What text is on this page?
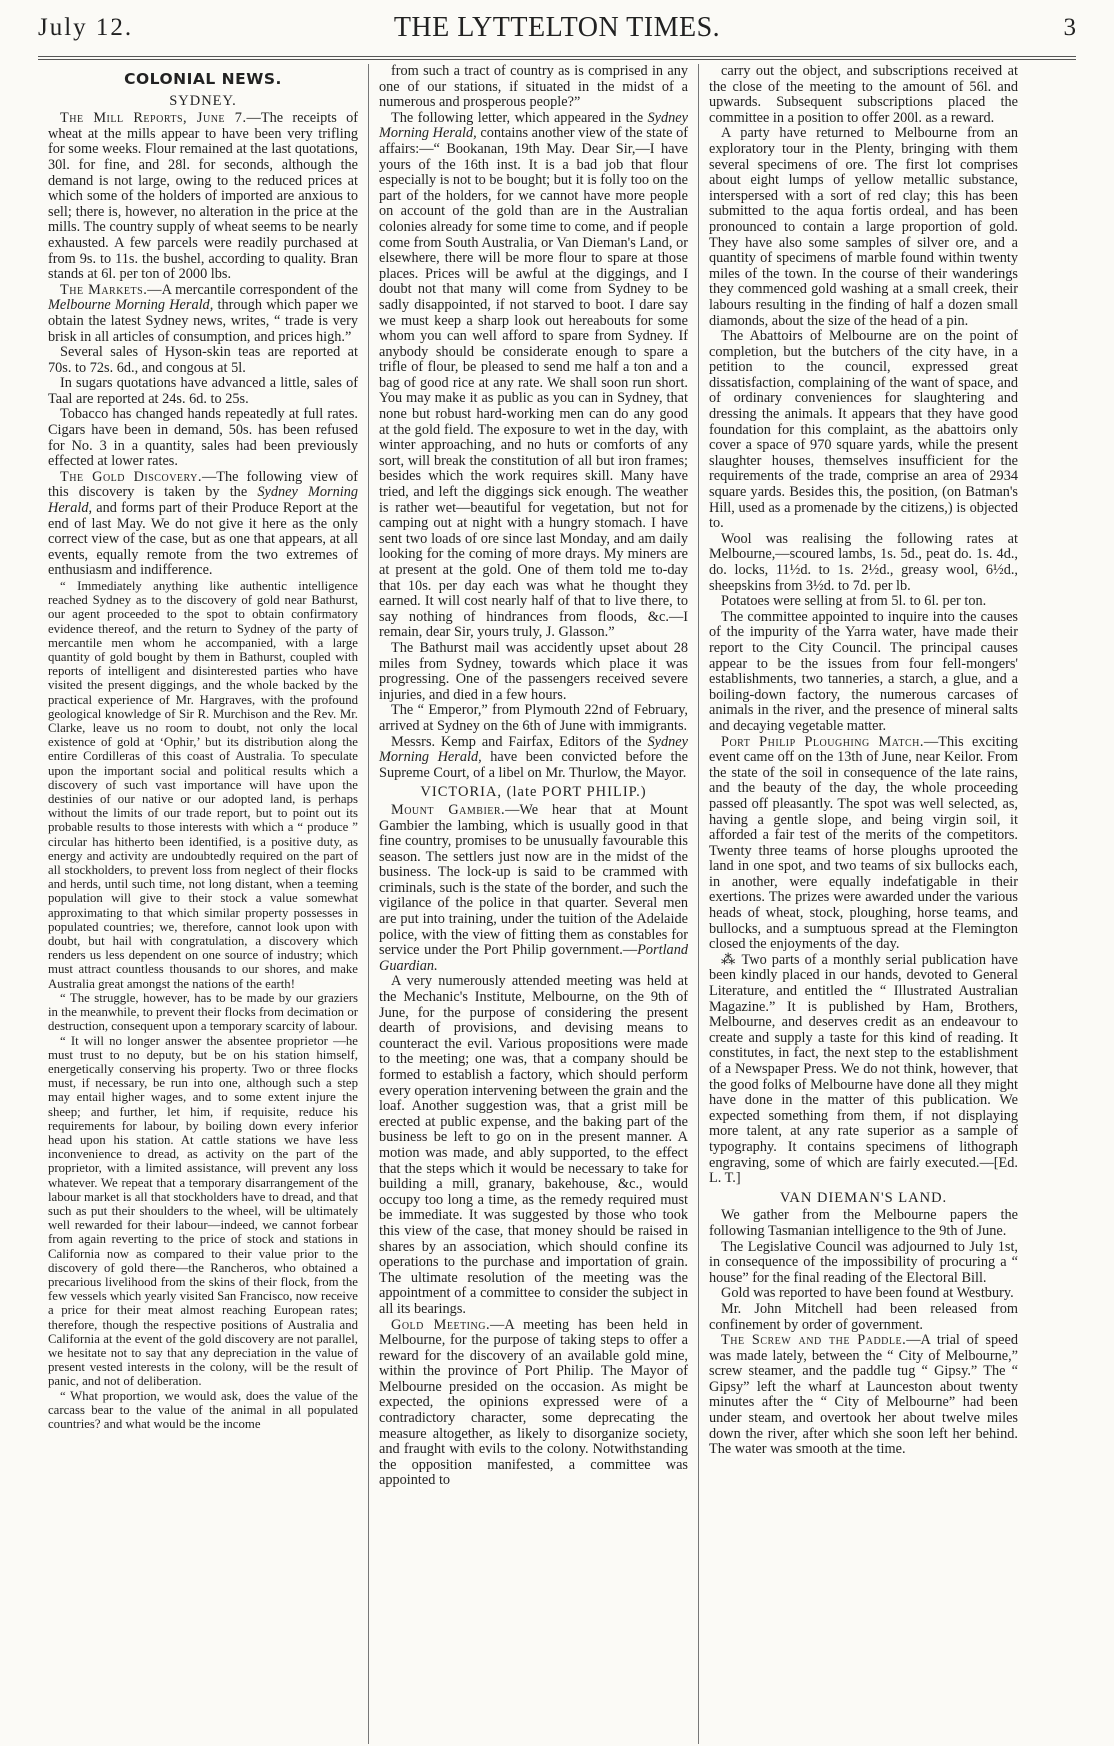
July 12.	THE LYTTELTON TIMES.	3
COLONIAL NEWS.
SYDNEY.

The Mill Reports, June 7.—The receipts of wheat at the mills appear to have been very trifling for some weeks. Flour remained at the last quotations, 30l. for fine, and 28l. for seconds, although the demand is not large, owing to the reduced prices at which some of the holders of imported are anxious to sell; there is, however, no alteration in the price at the mills. The country supply of wheat seems to be nearly exhausted. A few parcels were readily purchased at from 9s. to 11s. the bushel, according to quality. Bran stands at 6l. per ton of 2000 lbs.

The Markets.—A mercantile correspondent of the Melbourne Morning Herald, through which paper we obtain the latest Sydney news, writes, “ trade is very brisk in all articles of consumption, and prices high.”

Several sales of Hyson-skin teas are reported at 70s. to 72s. 6d., and congous at 5l.

In sugars quotations have advanced a little, sales of Taal are reported at 24s. 6d. to 25s.

Tobacco has changed hands repeatedly at full rates. Cigars have been in demand, 50s. has been refused for No. 3 in a quantity, sales had been previously effected at lower rates.

The Gold Discovery.—The following view of this discovery is taken by the Sydney Morning Herald, and forms part of their Produce Report at the end of last May. We do not give it here as the only correct view of the case, but as one that appears, at all events, equally remote from the two extremes of enthusiasm and indifference.

“ Immediately anything like authentic intelligence reached Sydney as to the discovery of gold near Bathurst, our agent proceeded to the spot to obtain confirmatory evidence thereof, and the return to Sydney of the party of mercantile men whom he accompanied, with a large quantity of gold bought by them in Bathurst, coupled with reports of intelligent and disinterested parties who have visited the present diggings, and the whole backed by the practical experience of Mr. Hargraves, with the profound geological knowledge of Sir R. Murchison and the Rev. Mr. Clarke, leave us no room to doubt, not only the local existence of gold at ‘Ophir,’ but its distribution along the entire Cordilleras of this coast of Australia. To speculate upon the important social and political results which a discovery of such vast importance will have upon the destinies of our native or our adopted land, is perhaps without the limits of our trade report, but to point out its probable results to those interests with which a “ produce ” circular has hitherto been identified, is a positive duty, as energy and activity are undoubtedly required on the part of all stockholders, to prevent loss from neglect of their flocks and herds, until such time, not long distant, when a teeming population will give to their stock a value somewhat approximating to that which similar property possesses in populated countries; we, therefore, cannot look upon with doubt, but hail with congratulation, a discovery which renders us less dependent on one source of industry; which must attract countless thousands to our shores, and make Australia great amongst the nations of the earth!

“ The struggle, however, has to be made by our graziers in the meanwhile, to prevent their flocks from decimation or destruction, consequent upon a temporary scarcity of labour.

“ It will no longer answer the absentee proprietor —he must trust to no deputy, but be on his station himself, energetically conserving his property. Two or three flocks must, if necessary, be run into one, although such a step may entail higher wages, and to some extent injure the sheep; and further, let him, if requisite, reduce his requirements for labour, by boiling down every inferior head upon his station. At cattle stations we have less inconvenience to dread, as activity on the part of the proprietor, with a limited assistance, will prevent any loss whatever. We repeat that a temporary disarrangement of the labour market is all that stockholders have to dread, and that such as put their shoulders to the wheel, will be ultimately well rewarded for their labour—indeed, we cannot forbear from again reverting to the price of stock and stations in California now as compared to their value prior to the discovery of gold there—the Rancheros, who obtained a precarious livelihood from the skins of their flock, from the few vessels which yearly visited San Francisco, now receive a price for their meat almost reaching European rates; therefore, though the respective positions of Australia and California at the event of the gold discovery are not parallel, we hesitate not to say that any depreciation in the value of present vested interests in the colony, will be the result of panic, and not of deliberation.

“ What proportion, we would ask, does the value of the carcass bear to the value of the animal in all populated countries? and what would be the income

from such a tract of country as is comprised in any one of our stations, if situated in the midst of a numerous and prosperous people?”

The following letter, which appeared in the Sydney Morning Herald, contains another view of the state of affairs:—“ Bookanan, 19th May. Dear Sir,—I have yours of the 16th inst. It is a bad job that flour especially is not to be bought; but it is folly too on the part of the holders, for we cannot have more people on account of the gold than are in the Australian colonies already for some time to come, and if people come from South Australia, or Van Dieman's Land, or elsewhere, there will be more flour to spare at those places. Prices will be awful at the diggings, and I doubt not that many will come from Sydney to be sadly disappointed, if not starved to boot. I dare say we must keep a sharp look out hereabouts for some whom you can well afford to spare from Sydney. If anybody should be considerate enough to spare a trifle of flour, be pleased to send me half a ton and a bag of good rice at any rate. We shall soon run short. You may make it as public as you can in Sydney, that none but robust hard-working men can do any good at the gold field. The exposure to wet in the day, with winter approaching, and no huts or comforts of any sort, will break the constitution of all but iron frames; besides which the work requires skill. Many have tried, and left the diggings sick enough. The weather is rather wet—beautiful for vegetation, but not for camping out at night with a hungry stomach. I have sent two loads of ore since last Monday, and am daily looking for the coming of more drays. My miners are at present at the gold. One of them told me to-day that 10s. per day each was what he thought they earned. It will cost nearly half of that to live there, to say nothing of hindrances from floods, &c.—I remain, dear Sir, yours truly, J. Glasson.”

The Bathurst mail was accidently upset about 28 miles from Sydney, towards which place it was progressing. One of the passengers received severe injuries, and died in a few hours.

The “ Emperor,” from Plymouth 22nd of February, arrived at Sydney on the 6th of June with immigrants.

Messrs. Kemp and Fairfax, Editors of the Sydney Morning Herald, have been convicted before the Supreme Court, of a libel on Mr. Thurlow, the Mayor.

VICTORIA, (late PORT PHILIP.)

Mount Gambier.—We hear that at Mount Gambier the lambing, which is usually good in that fine country, promises to be unusually favourable this season. The settlers just now are in the midst of the business. The lock-up is said to be crammed with criminals, such is the state of the border, and such the vigilance of the police in that quarter. Several men are put into training, under the tuition of the Adelaide police, with the view of fitting them as constables for service under the Port Philip government.—Portland Guardian.

A very numerously attended meeting was held at the Mechanic's Institute, Melbourne, on the 9th of June, for the purpose of considering the present dearth of provisions, and devising means to counteract the evil. Various propositions were made to the meeting; one was, that a company should be formed to establish a factory, which should perform every operation intervening between the grain and the loaf. Another suggestion was, that a grist mill be erected at public expense, and the baking part of the business be left to go on in the present manner. A motion was made, and ably supported, to the effect that the steps which it would be necessary to take for building a mill, granary, bakehouse, &c., would occupy too long a time, as the remedy required must be immediate. It was suggested by those who took this view of the case, that money should be raised in shares by an association, which should confine its operations to the purchase and importation of grain. The ultimate resolution of the meeting was the appointment of a committee to consider the subject in all its bearings.

Gold Meeting.—A meeting has been held in Melbourne, for the purpose of taking steps to offer a reward for the discovery of an available gold mine, within the province of Port Philip. The Mayor of Melbourne presided on the occasion. As might be expected, the opinions expressed were of a contradictory character, some deprecating the measure altogether, as likely to disorganize society, and fraught with evils to the colony. Notwithstanding the opposition manifested, a committee was appointed to

carry out the object, and subscriptions received at the close of the meeting to the amount of 56l. and upwards. Subsequent subscriptions placed the committee in a position to offer 200l. as a reward.

A party have returned to Melbourne from an exploratory tour in the Plenty, bringing with them several specimens of ore. The first lot comprises about eight lumps of yellow metallic substance, interspersed with a sort of red clay; this has been submitted to the aqua fortis ordeal, and has been pronounced to contain a large proportion of gold. They have also some samples of silver ore, and a quantity of specimens of marble found within twenty miles of the town. In the course of their wanderings they commenced gold washing at a small creek, their labours resulting in the finding of half a dozen small diamonds, about the size of the head of a pin.

The Abattoirs of Melbourne are on the point of completion, but the butchers of the city have, in a petition to the council, expressed great dissatisfaction, complaining of the want of space, and of ordinary conveniences for slaughtering and dressing the animals. It appears that they have good foundation for this complaint, as the abattoirs only cover a space of 970 square yards, while the present slaughter houses, themselves insufficient for the requirements of the trade, comprise an area of 2934 square yards. Besides this, the position, (on Batman's Hill, used as a promenade by the citizens,) is objected to.

Wool was realising the following rates at Melbourne,—scoured lambs, 1s. 5d., peat do. 1s. 4d., do. locks, 11½d. to 1s. 2½d., greasy wool, 6½d., sheepskins from 3½d. to 7d. per lb.

Potatoes were selling at from 5l. to 6l. per ton.

The committee appointed to inquire into the causes of the impurity of the Yarra water, have made their report to the City Council. The principal causes appear to be the issues from four fell-mongers' establishments, two tanneries, a starch, a glue, and a boiling-down factory, the numerous carcases of animals in the river, and the presence of mineral salts and decaying vegetable matter.

Port Philip Ploughing Match.—This exciting event came off on the 13th of June, near Keilor. From the state of the soil in consequence of the late rains, and the beauty of the day, the whole proceeding passed off pleasantly. The spot was well selected, as, having a gentle slope, and being virgin soil, it afforded a fair test of the merits of the competitors. Twenty three teams of horse ploughs uprooted the land in one spot, and two teams of six bullocks each, in another, were equally indefatigable in their exertions. The prizes were awarded under the various heads of wheat, stock, ploughing, horse teams, and bullocks, and a sumptuous spread at the Flemington closed the enjoyments of the day.

⁂ Two parts of a monthly serial publication have been kindly placed in our hands, devoted to General Literature, and entitled the “ Illustrated Australian Magazine.” It is published by Ham, Brothers, Melbourne, and deserves credit as an endeavour to create and supply a taste for this kind of reading. It constitutes, in fact, the next step to the establishment of a Newspaper Press. We do not think, however, that the good folks of Melbourne have done all they might have done in the matter of this publication. We expected something from them, if not displaying more talent, at any rate superior as a sample of typography. It contains specimens of lithograph engraving, some of which are fairly executed.—[Ed. L. T.]

VAN DIEMAN'S LAND.

We gather from the Melbourne papers the following Tasmanian intelligence to the 9th of June.

The Legislative Council was adjourned to July 1st, in consequence of the impossibility of procuring a “ house” for the final reading of the Electoral Bill.

Gold was reported to have been found at Westbury.

Mr. John Mitchell had been released from confinement by order of government.

The Screw and the Paddle.—A trial of speed was made lately, between the “ City of Melbourne,” screw steamer, and the paddle tug “ Gipsy.” The “ Gipsy” left the wharf at Launceston about twenty minutes after the “ City of Melbourne” had been under steam, and overtook her about twelve miles down the river, after which she soon left her behind. The water was smooth at the time.
